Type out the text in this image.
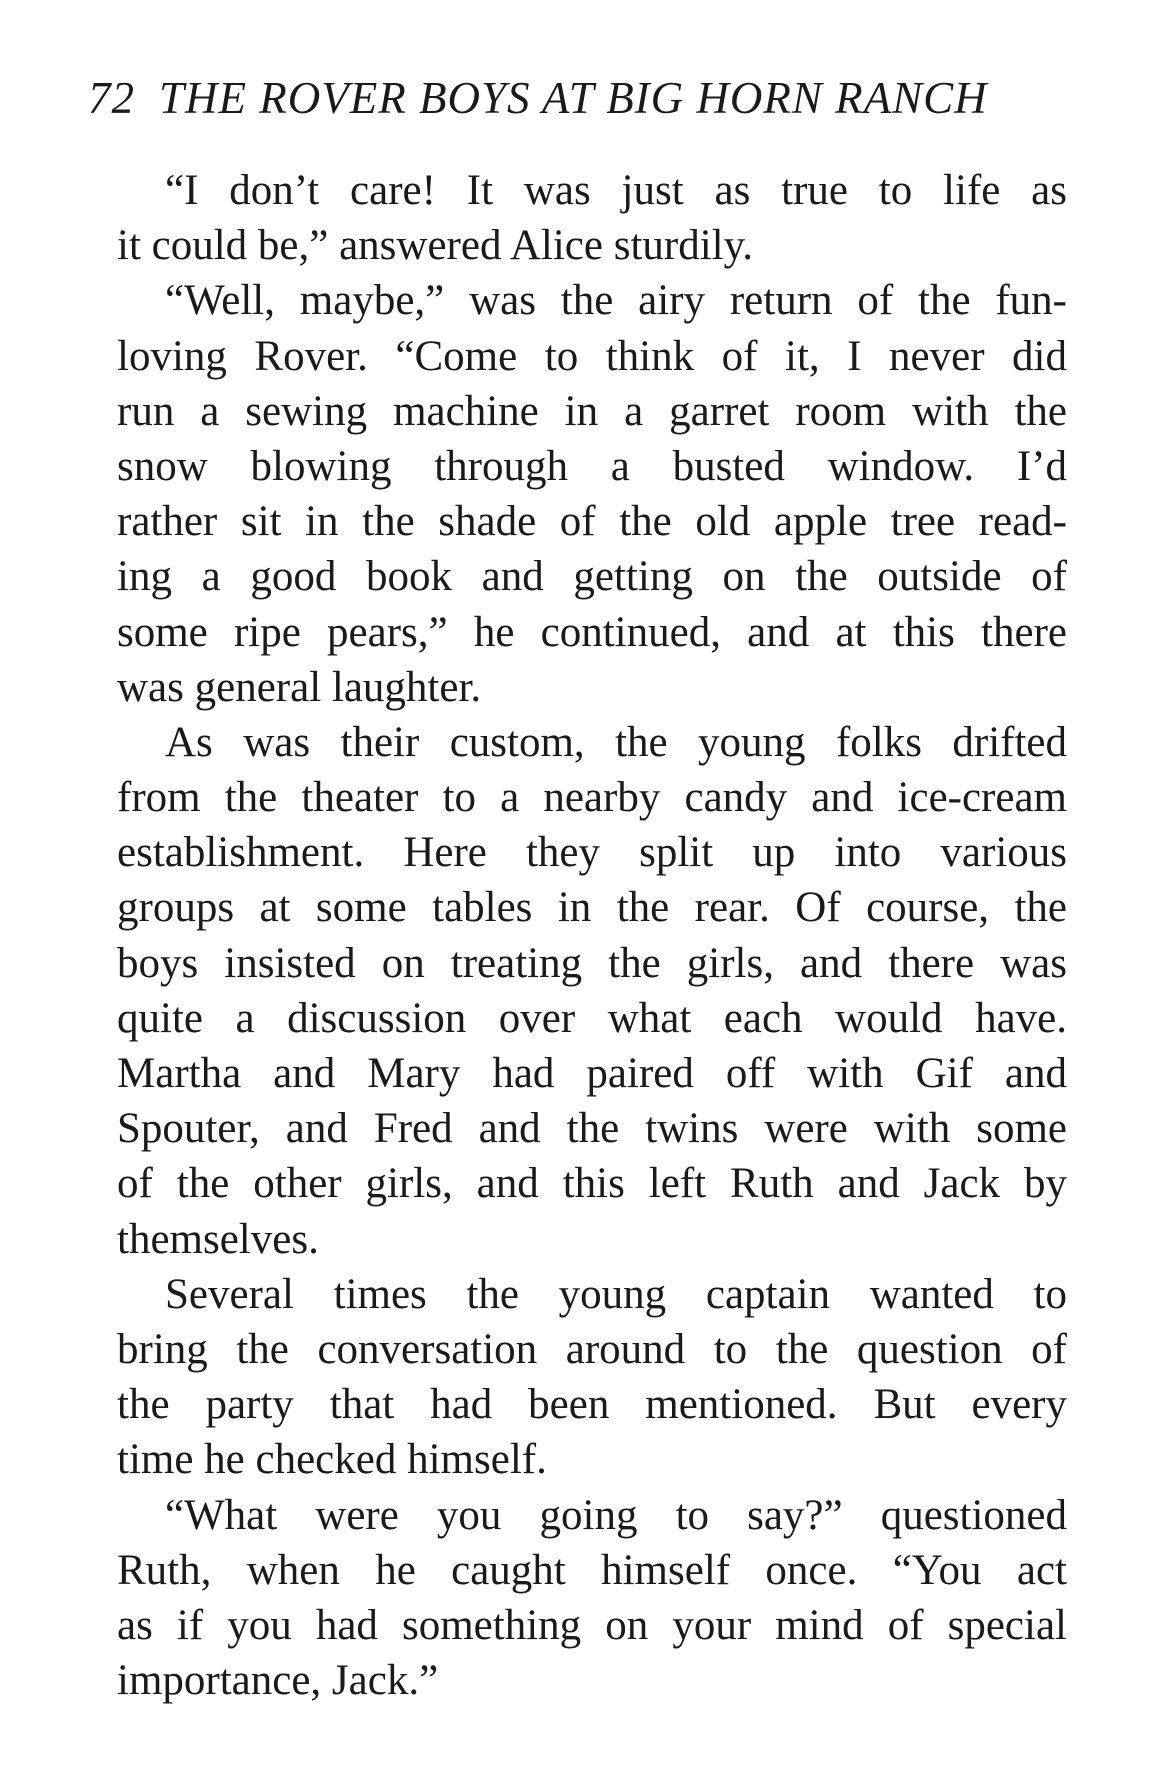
72 THE ROVER BOYS AT BIG HORN RANCH
“I don’t care! It was just as true to life as
it could be,” answered Alice sturdily.
“Well, maybe,” was the airy return of the fun-
loving Rover. “Come to think of it, I never did
run a sewing machine in a garret room with the
snow blowing through a busted window. I’d
rather sit in the shade of the old apple tree read-
ing a good book and getting on the outside of
some ripe pears,” he continued, and at this there
was general laughter.
As was their custom, the young folks drifted
from the theater to a nearby candy and ice-cream
establishment. Here they split up into various
groups at some tables in the rear. Of course, the
boys insisted on treating the girls, and there was
quite a discussion over what each would have.
Martha and Mary had paired off with Gif and
Spouter, and Fred and the twins were with some
of the other girls, and this left Ruth and Jack by
themselves.
Several times the young captain wanted to
bring the conversation around to the question of
the party that had been mentioned. But every
time he checked himself.
“What were you going to say?” questioned
Ruth, when he caught himself once. “You act
as if you had something on your mind of special
importance, Jack.”
